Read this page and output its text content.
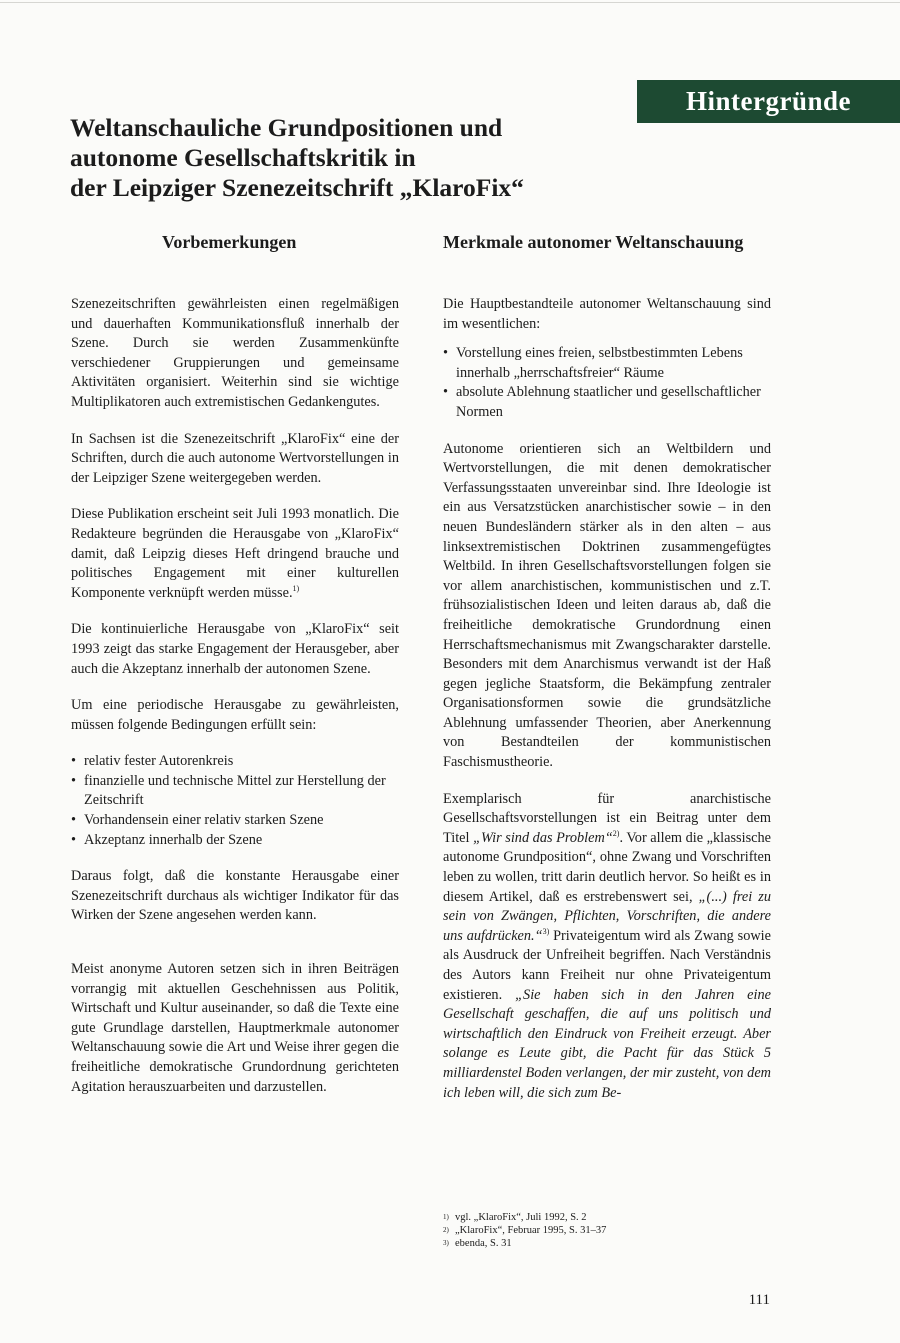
Hintergründe
Weltanschauliche Grundpositionen und
autonome Gesellschaftskritik in
der Leipziger Szenezeitschrift „KlaroFix“
Vorbemerkungen	Merkmale autonomer Weltanschauung

Szenezeitschriften gewährleisten einen regelmäßigen und dauerhaften Kommunikationsfluß innerhalb der Szene. Durch sie werden Zusammenkünfte verschiedener Gruppierungen und gemeinsame Aktivitäten organisiert. Weiterhin sind sie wichtige Multiplikatoren auch extremistischen Gedankengutes.

In Sachsen ist die Szenezeitschrift „KlaroFix“ eine der Schriften, durch die auch autonome Wertvorstellungen in der Leipziger Szene weitergegeben werden.

Diese Publikation erscheint seit Juli 1993 monatlich. Die Redakteure begründen die Herausgabe von „KlaroFix“ damit, daß Leipzig dieses Heft dringend brauche und politisches Engagement mit einer kulturellen Komponente verknüpft werden müsse.$^{1)}$

Die kontinuierliche Herausgabe von „KlaroFix“ seit 1993 zeigt das starke Engagement der Herausgeber, aber auch die Akzeptanz innerhalb der autonomen Szene.

Um eine periodische Herausgabe zu gewährleisten, müssen folgende Bedingungen erfüllt sein:

• relativ fester Autorenkreis
• finanzielle und technische Mittel zur Herstellung der Zeitschrift
• Vorhandensein einer relativ starken Szene
• Akzeptanz innerhalb der Szene

Daraus folgt, daß die konstante Herausgabe einer Szenezeitschrift durchaus als wichtiger Indikator für das Wirken der Szene angesehen werden kann.

Meist anonyme Autoren setzen sich in ihren Beiträgen vorrangig mit aktuellen Geschehnissen aus Politik, Wirtschaft und Kultur auseinander, so daß die Texte eine gute Grundlage darstellen, Hauptmerkmale autonomer Weltanschauung sowie die Art und Weise ihrer gegen die freiheitliche demokratische Grundordnung gerichteten Agitation herauszuarbeiten und darzustellen.

Die Hauptbestandteile autonomer Weltanschauung sind im wesentlichen:

• Vorstellung eines freien, selbstbestimmten Lebens innerhalb „herrschaftsfreier“ Räume
• absolute Ablehnung staatlicher und gesellschaftlicher Normen

Autonome orientieren sich an Weltbildern und Wertvorstellungen, die mit denen demokratischer Verfassungsstaaten unvereinbar sind. Ihre Ideologie ist ein aus Versatzstücken anarchistischer sowie – in den neuen Bundesländern stärker als in den alten – aus linksextremistischen Doktrinen zusammengefügtes Weltbild. In ihren Gesellschaftsvorstellungen folgen sie vor allem anarchistischen, kommunistischen und z.T. frühsozialistischen Ideen und leiten daraus ab, daß die freiheitliche demokratische Grundordnung einen Herrschaftsmechanismus mit Zwangscharakter darstelle. Besonders mit dem Anarchismus verwandt ist der Haß gegen jegliche Staatsform, die Bekämpfung zentraler Organisationsformen sowie die grundsätzliche Ablehnung umfassender Theorien, aber Anerkennung von Bestandteilen der kommunistischen Faschismustheorie.

Exemplarisch für anarchistische Gesellschaftsvorstellungen ist ein Beitrag unter dem Titel „Wir sind das Problem“$^{2)}$. Vor allem die „klassische autonome Grundposition“, ohne Zwang und Vorschriften leben zu wollen, tritt darin deutlich hervor. So heißt es in diesem Artikel, daß es erstrebenswert sei, „(...) frei zu sein von Zwängen, Pflichten, Vorschriften, die andere uns aufdrücken.“$^{3)}$ Privateigentum wird als Zwang sowie als Ausdruck der Unfreiheit begriffen. Nach Verständnis des Autors kann Freiheit nur ohne Privateigentum existieren. „Sie haben sich in den Jahren eine Gesellschaft geschaffen, die auf uns politisch und wirtschaftlich den Eindruck von Freiheit erzeugt. Aber solange es Leute gibt, die Pacht für das Stück 5 milliardenstel Boden verlangen, der mir zusteht, von dem ich leben will, die sich zum Be-

1) vgl. „KlaroFix“, Juli 1992, S. 2
2) „KlaroFix“, Februar 1995, S. 31–37
3) ebenda, S. 31
111
